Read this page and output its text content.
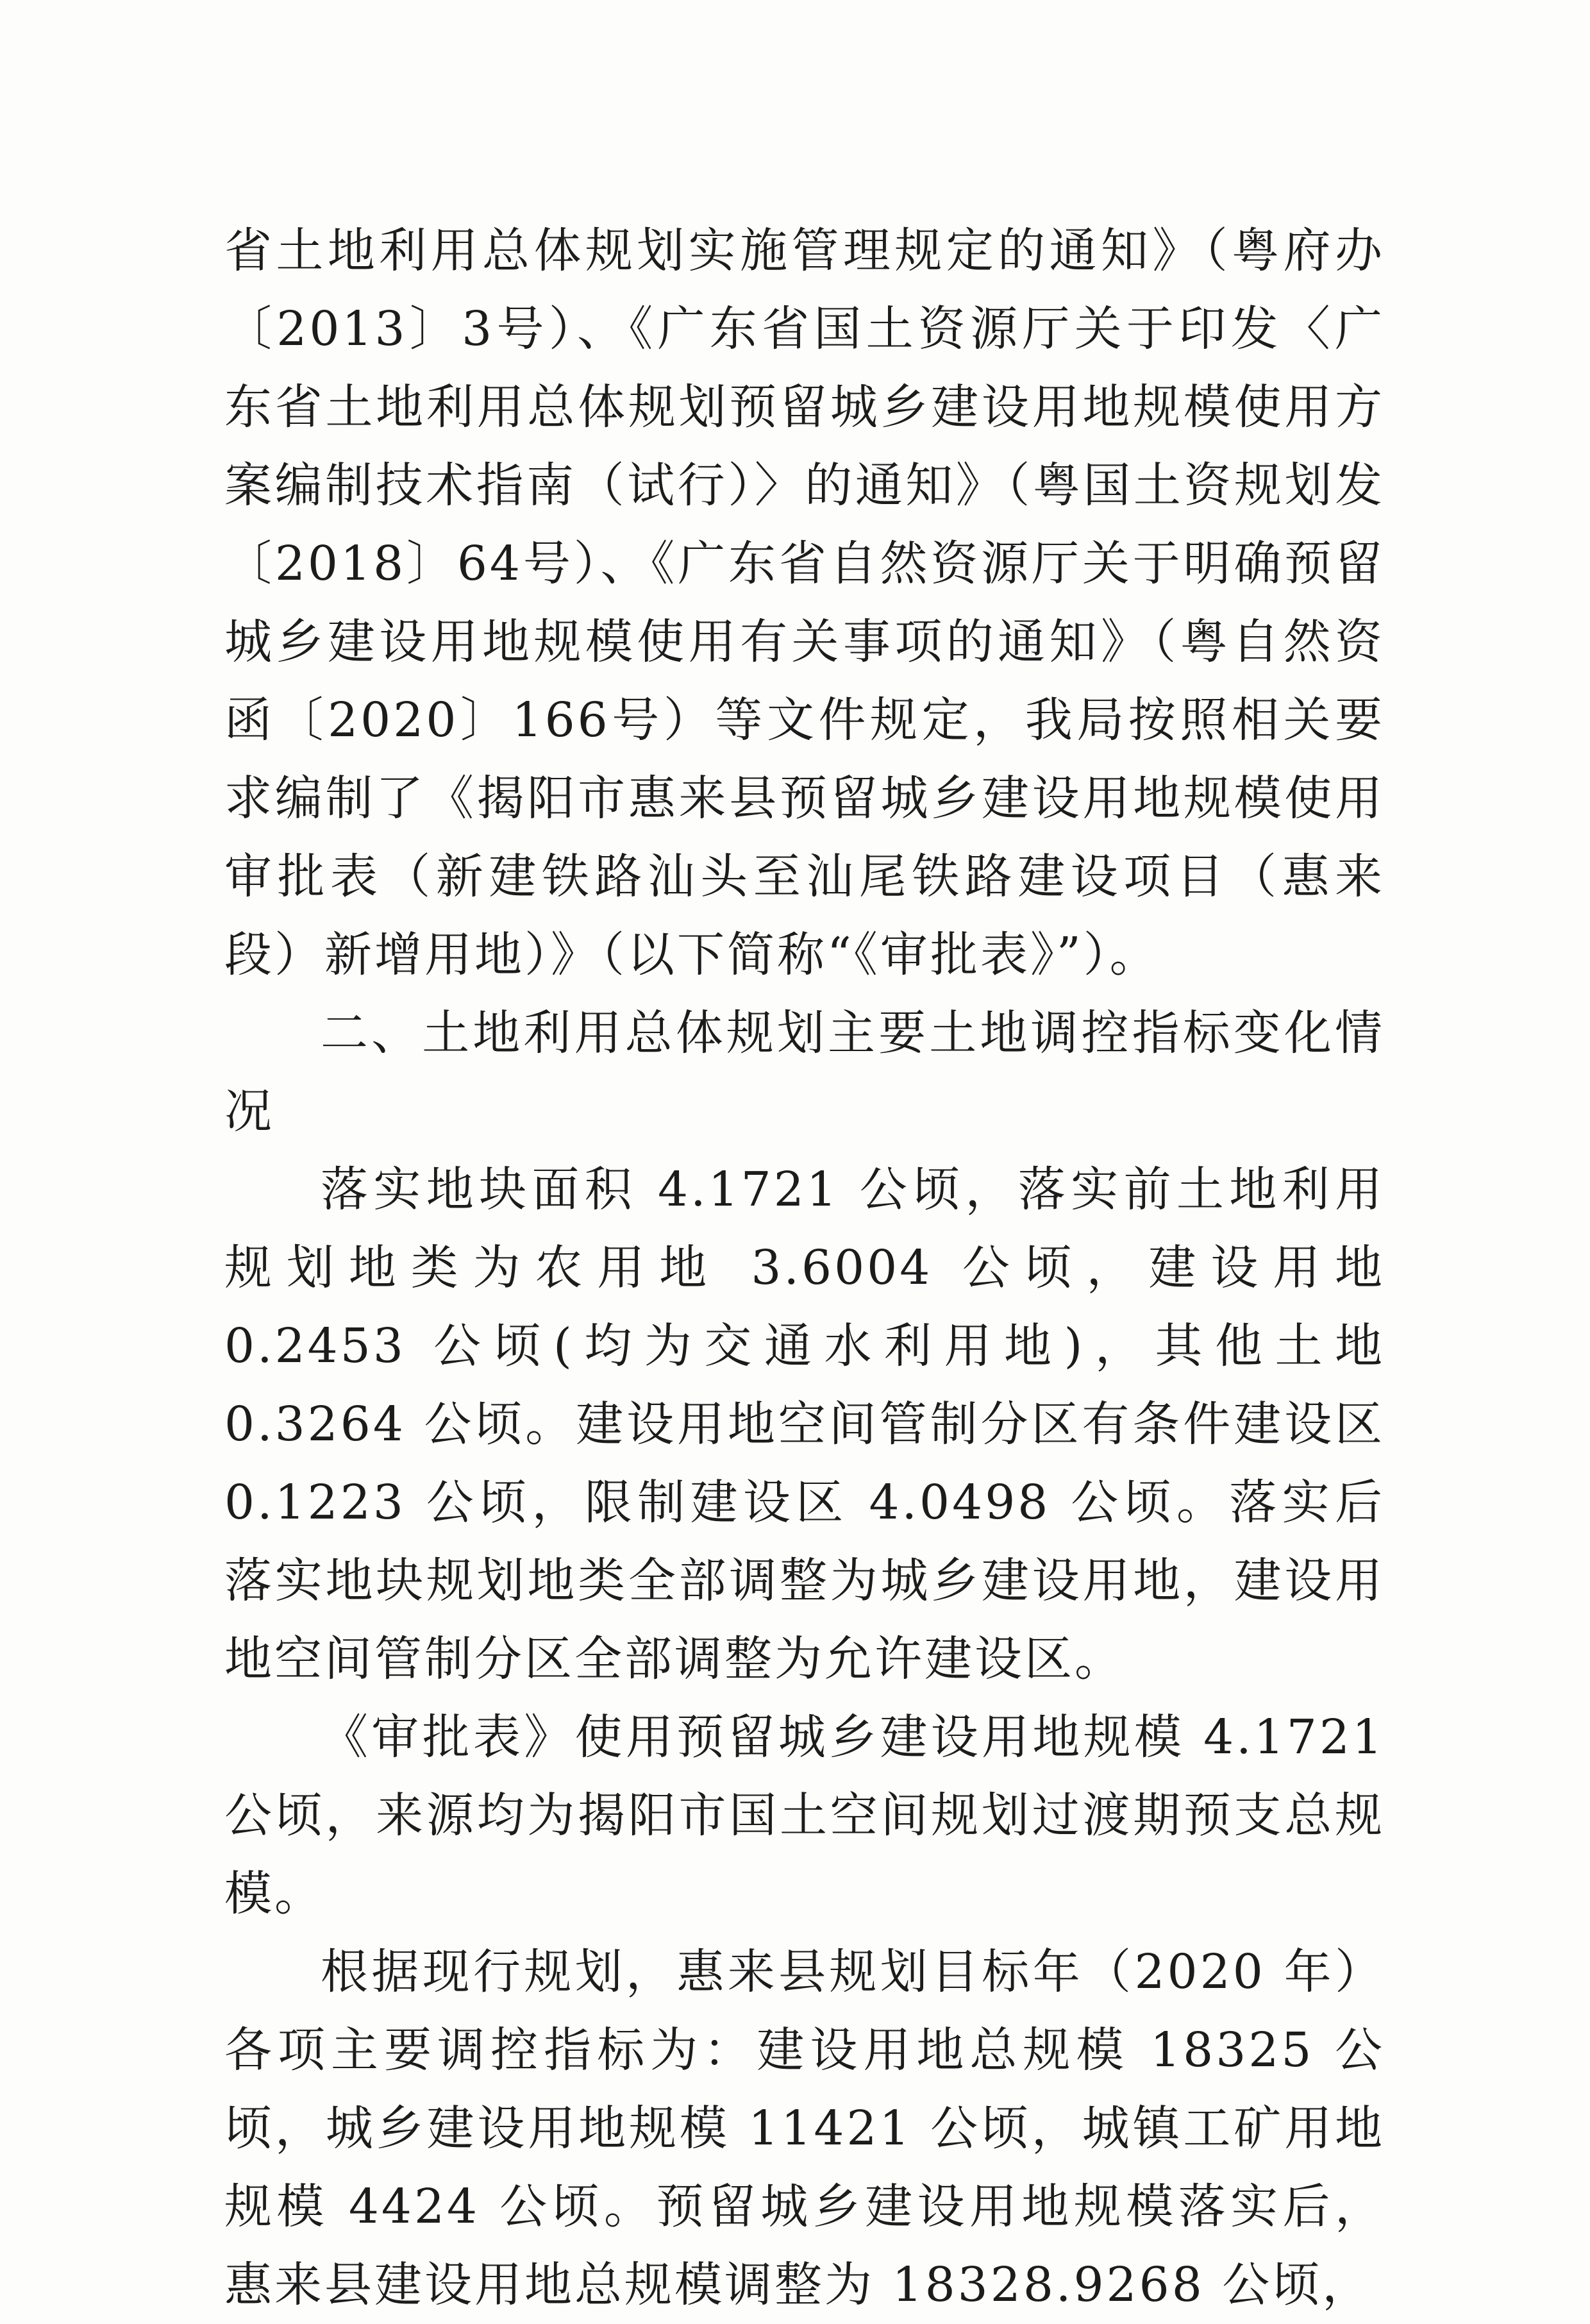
省土地利用总体规划实施管理规定的通知》（粤府办〔2013〕3号）、《广东省国土资源厅关于印发〈广东省土地利用总体规划预留城乡建设用地规模使用方案编制技术指南（试行）〉的通知》（粤国土资规划发〔2018〕64号）、《广东省自然资源厅关于明确预留城乡建设用地规模使用有关事项的通知》（粤自然资函〔2020〕166号）等文件规定，我局按照相关要求编制了《揭阳市惠来县预留城乡建设用地规模使用审批表（新建铁路汕头至汕尾铁路建设项目（惠来段）新增用地）》（以下简称“《审批表》”）。

二、土地利用总体规划主要土地调控指标变化情况

落实地块面积 4.1721 公顷，落实前土地利用规划地类为农用地 3.6004 公顷，建设用地 0.2453 公顷(均为交通水利用地)，其他土地 0.3264 公顷。建设用地空间管制分区有条件建设区 0.1223 公顷，限制建设区 4.0498 公顷。落实后落实地块规划地类全部调整为城乡建设用地，建设用地空间管制分区全部调整为允许建设区。

《审批表》使用预留城乡建设用地规模 4.1721 公顷，来源均为揭阳市国土空间规划过渡期预支总规模。

根据现行规划，惠来县规划目标年（2020 年）各项主要调控指标为：建设用地总规模 18325 公顷，城乡建设用地规模 11421 公顷，城镇工矿用地规模 4424 公顷。预留城乡建设用地规模落实后，惠来县建设用地总规模调整为 18328.9268 公顷，
